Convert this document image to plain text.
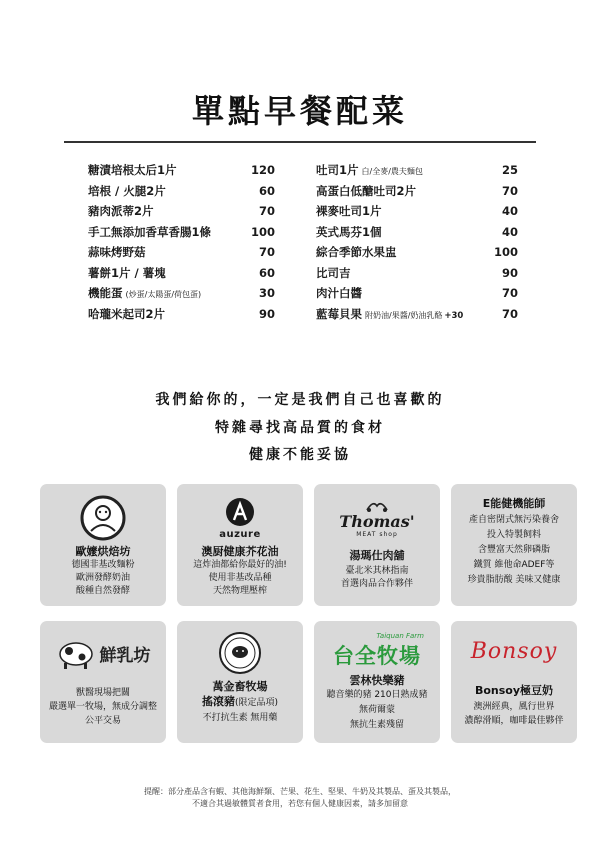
單點早餐配菜
糖漬培根太后1片	120
培根 / 火腿2片	60
豬肉派蒂2片	70
手工無添加香草香腸1條	100
蒜味烤野菇	70
薯餅1片 / 薯塊	60
機能蛋 (炒蛋/太陽蛋/荷包蛋)	30
哈瓏米起司2片	90
吐司1片 白/全麥/農夫麵包	25
高蛋白低醣吐司2片	70
裸麥吐司1片	40
英式馬芬1個	40
綜合季節水果盅	100
比司吉	90
肉汁白醬	70
藍莓貝果 附奶油/果醬/奶油乳酪 +30	70
我們給你的，一定是我們自己也喜歡的
特雜尋找高品質的食材
健康不能妥協
歐嬤烘焙坊
德國非基改麵粉
歐洲發酵奶油
酸種自然發酵
auzure
澳厨健康芥花油
這炸油都給你最好的油!
使用非基改品種
天然物理壓榨
Thomas'
MEAT shop
湯瑪仕肉舖
臺北米其林指南
首選肉品合作夥伴
E能健機能師
產自密閉式無污染養舍
投入特製飼料
含豐富天然卵磷脂
鐵質 維他命ADEF等
珍貴脂肪酸 美味又健康
鮮乳坊
獸醫現場把關
嚴選單一牧場，無成分調整
公平交易
萬金畜牧場
搖滾豬(限定品項)
不打抗生素 無用藥
Taiquan Farm
台全牧場
雲林快樂豬
聽音樂的豬 210日熟成豬
無荷爾蒙
無抗生素殘留
Bonsoy
Bonsoy極豆奶
澳洲經典，風行世界
濃醇滑順，咖啡最佳夥伴
提醒：部分產品含有蝦、其他海鮮類、芒果、花生、堅果、牛奶及其製品、蛋及其製品，
不適合其過敏體質者食用，若您有個人健康因素，請多加留意
